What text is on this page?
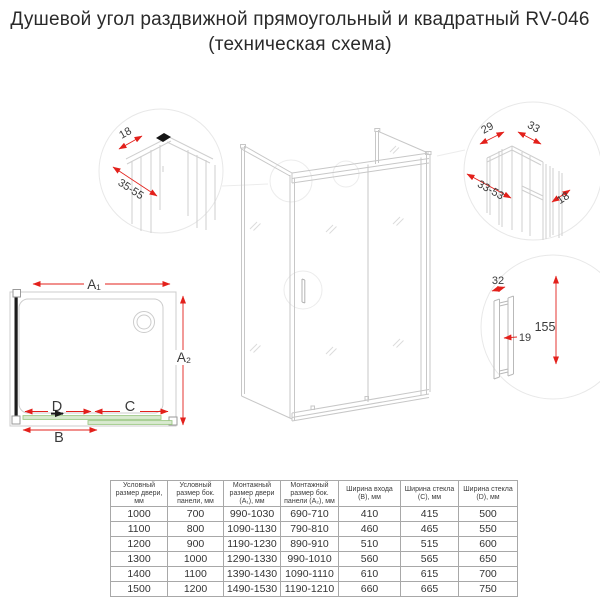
Душевой угол раздвижной прямоугольный и квадратный RV-046
(техническая схема)
A₁
A₂
D	C
B
18
35-55
29	33
33-53	18
32
19
155
Условный размер двери, мм	Условный размер бок. панели, мм	Монтажный размер двери (A₁), мм	Монтажный размер бок. панели (A₂), мм	Ширина входа (B), мм	Ширина стекла (C), мм	Ширина стекла (D), мм
1000	700	990-1030	690-710	410	415	500
1100	800	1090-1130	790-810	460	465	550
1200	900	1190-1230	890-910	510	515	600
1300	1000	1290-1330	990-1010	560	565	650
1400	1100	1390-1430	1090-1110	610	615	700
1500	1200	1490-1530	1190-1210	660	665	750
